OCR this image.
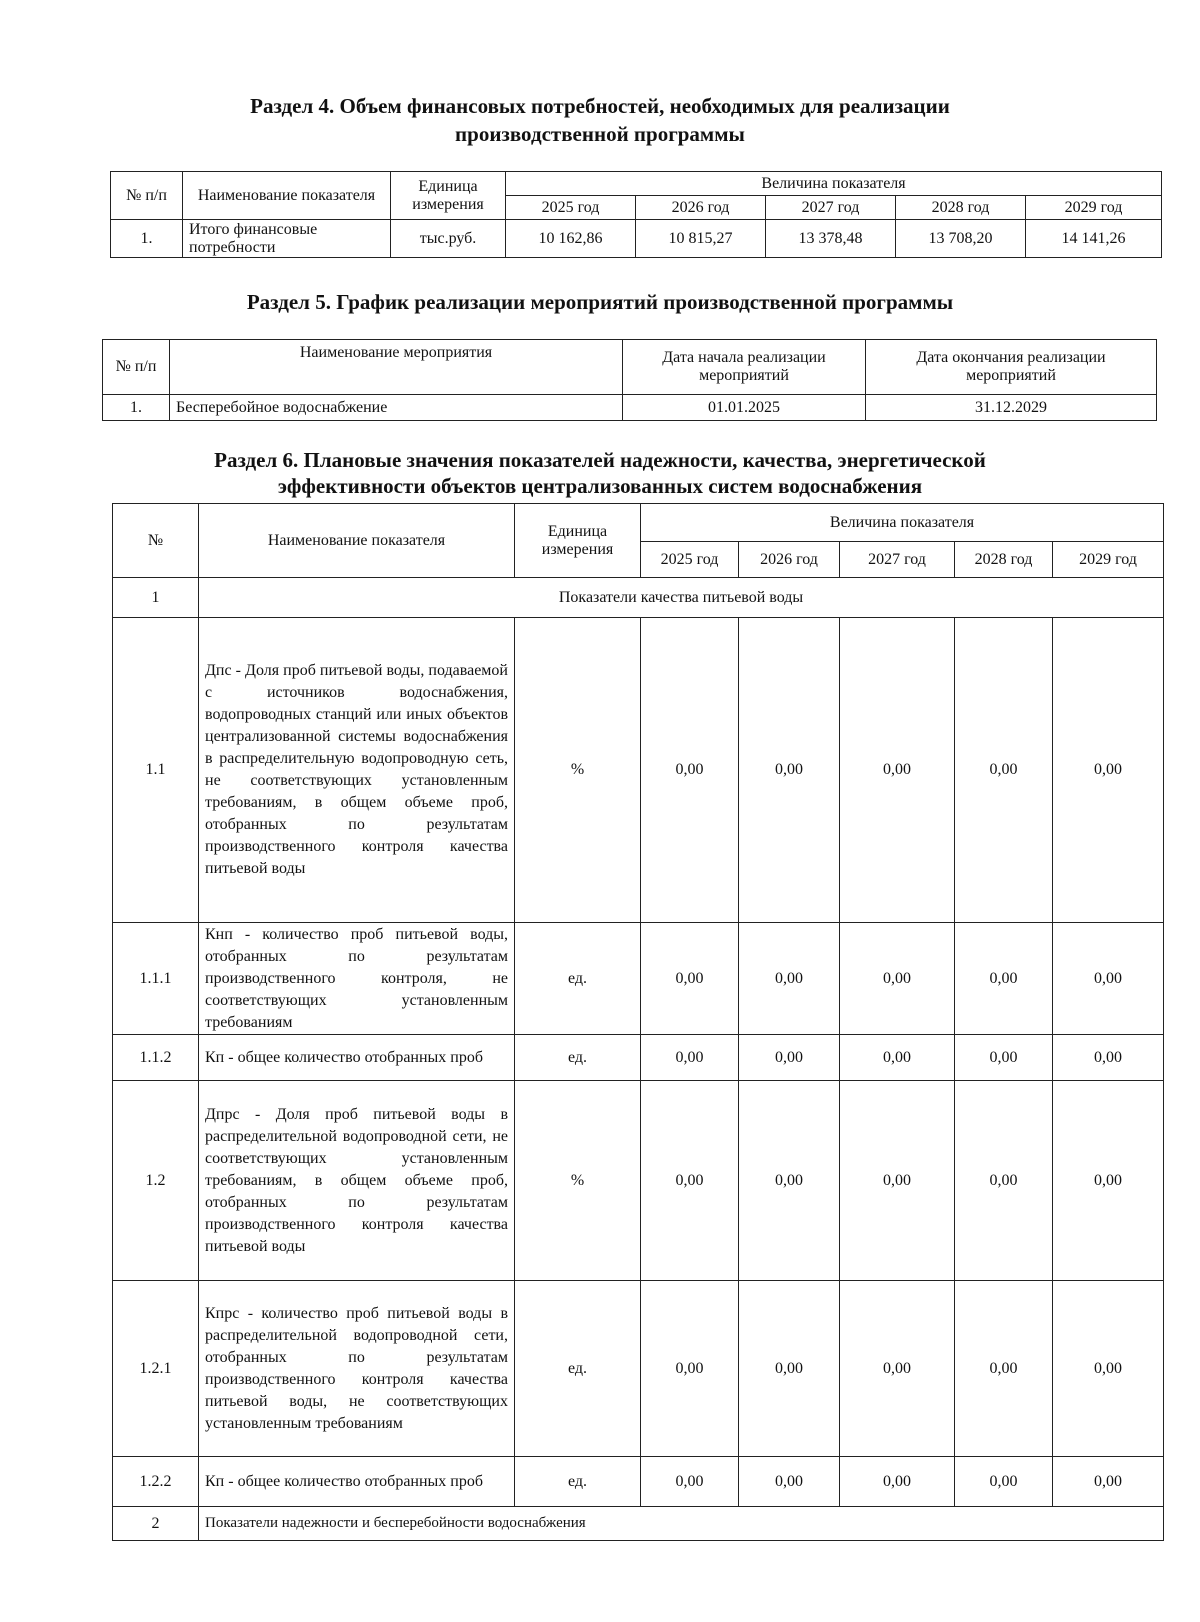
Раздел 4. Объем финансовых потребностей, необходимых для реализации
производственной программы
№ п/п	Наименование показателя	Единица измерения	Величина показателя				
			2025 год	2026 год	2027 год	2028 год	2029 год
1.	Итого финансовые потребности	тыс.руб.	10 162,86	10 815,27	13 378,48	13 708,20	14 141,26
Раздел 5. График реализации мероприятий производственной программы
№ п/п	Наименование мероприятия	Дата начала реализации мероприятий	Дата окончания реализации мероприятий
1.	Бесперебойное водоснабжение	01.01.2025	31.12.2029
Раздел 6. Плановые значения показателей надежности, качества, энергетической
эффективности объектов централизованных систем водоснабжения
№	Наименование показателя	Единица измерения	Величина показателя				
			2025 год	2026 год	2027 год	2028 год	2029 год
1	Показатели качества питьевой воды						
1.1	Дпс - Доля проб питьевой воды, подаваемой с источников водоснабжения, водопроводных станций или иных объектов централизованной системы водоснабжения в распределительную водопроводную сеть, не соответствующих установленным требованиям, в общем объеме проб, отобранных по результатам производственного контроля качества питьевой воды	%	0,00	0,00	0,00	0,00	0,00
1.1.1	Кнп - количество проб питьевой воды, отобранных по результатам производственного контроля, не соответствующих установленным требованиям	ед.	0,00	0,00	0,00	0,00	0,00
1.1.2	Кп - общее количество отобранных проб	ед.	0,00	0,00	0,00	0,00	0,00
1.2	Дпрс - Доля проб питьевой воды в распределительной водопроводной сети, не соответствующих установленным требованиям, в общем объеме проб, отобранных по результатам производственного контроля качества питьевой воды	%	0,00	0,00	0,00	0,00	0,00
1.2.1	Кпрс - количество проб питьевой воды в распределительной водопроводной сети, отобранных по результатам производственного контроля качества питьевой воды, не соответствующих установленным требованиям	ед.	0,00	0,00	0,00	0,00	0,00
1.2.2	Кп - общее количество отобранных проб	ед.	0,00	0,00	0,00	0,00	0,00
2	Показатели надежности и бесперебойности водоснабжения						
